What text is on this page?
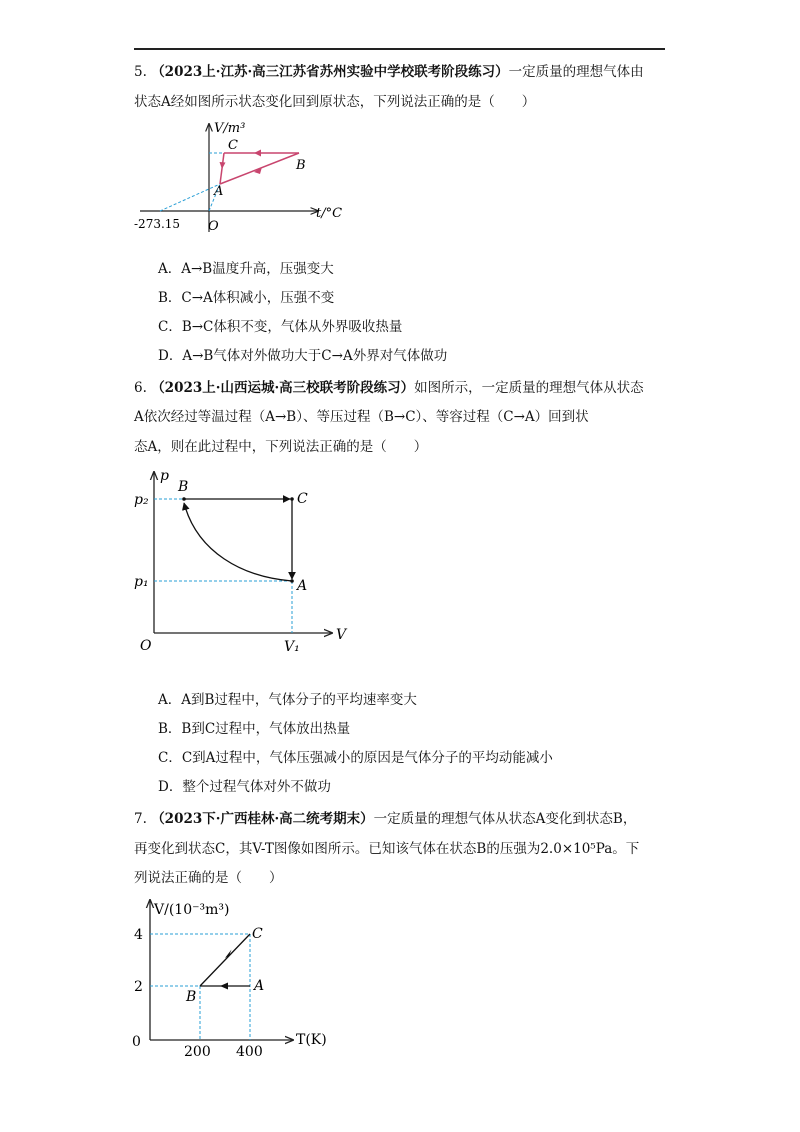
5. （2023上·江苏·高三江苏省苏州实验中学校联考阶段练习）一定质量的理想气体由
状态A经如图所示状态变化回到原状态，下列说法正确的是（　　）
V/m³
t/°C
O
-273.15
A
B
C
A．A→B温度升高，压强变大
B．C→A体积减小，压强不变
C．B→C体积不变，气体从外界吸收热量
D．A→B气体对外做功大于C→A外界对气体做功
6. （2023上·山西运城·高三校联考阶段练习）如图所示，一定质量的理想气体从状态
A依次经过等温过程（A→B）、等压过程（B→C）、等容过程（C→A）回到状
态A，则在此过程中，下列说法正确的是（　　）
p
V
O
p₂
p₁
V₁
B
C
A
A．A到B过程中，气体分子的平均速率变大
B．B到C过程中，气体放出热量
C．C到A过程中，气体压强减小的原因是气体分子的平均动能减小
D．整个过程气体对外不做功
7. （2023下·广西桂林·高二统考期末）一定质量的理想气体从状态A变化到状态B，
再变化到状态C，其V-T图像如图所示。已知该气体在状态B的压强为2.0×10⁵Pa。下
列说法正确的是（　　）
V/(10⁻³m³)
T(K)
0
4
2
200 400
C
B
A
